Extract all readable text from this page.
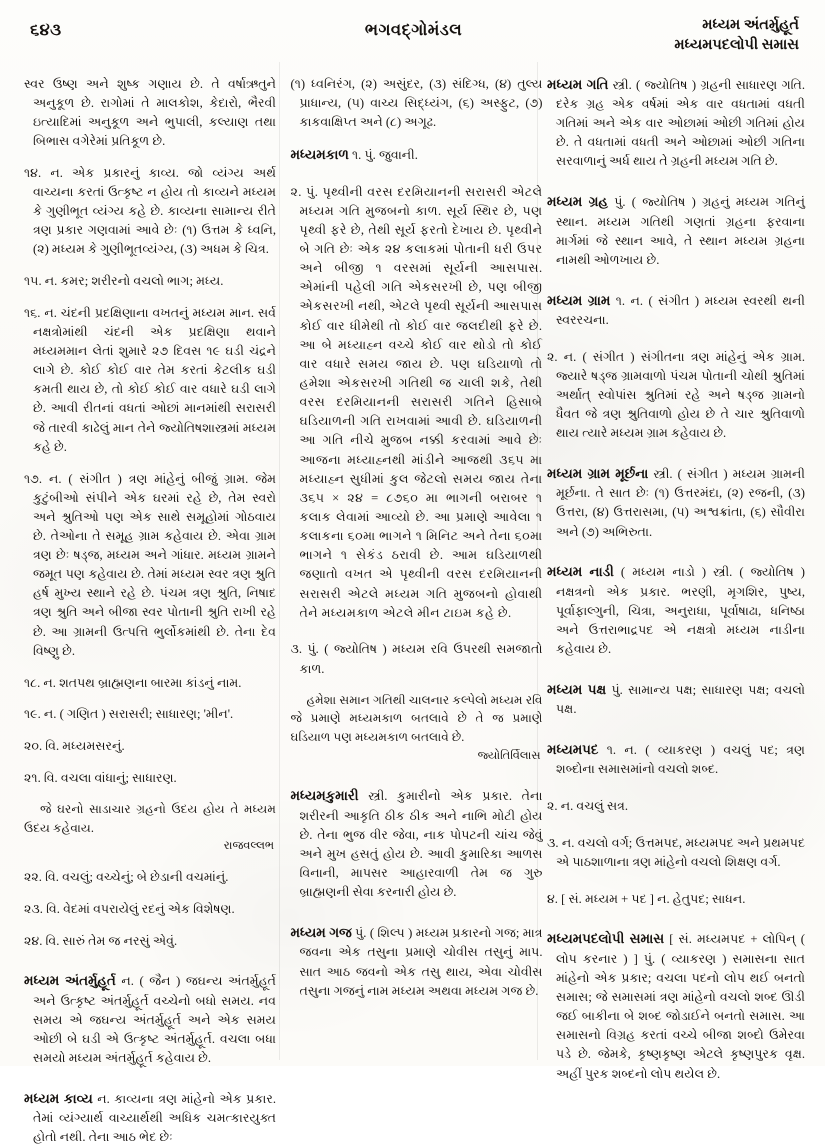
૬૪૩	ભગવદ્ગોમંડલ	મધ્યમ અંતર્મુહૂર્ત
મધ્યમપદલોપી સમાસ

સ્વર ઉષ્ણ અને શુષ્ક ગણાય છે. તે વર્ષાઋતુને અનુકૂળ છે. રાગોમાં તે માલકોશ, કેદારો, ભૈરવી ઇત્યાદિમાં અનુકૂળ અને ભુપાલી, કલ્યાણ તથા બિભાસ વગેરેમાં પ્રતિકૂળ છે.

૧૪. ન. એક પ્રકારનું કાવ્ય. જો વ્યંગ્ય અર્થ વાચ્યના કરતાં ઉત્કૃષ્ટ ન હોય તો કાવ્યને મધ્યમ કે ગુણીભૂત વ્યંગ્ય કહે છે. કાવ્યના સામાન્ય રીતે ત્રણ પ્રકાર ગણવામાં આવે છેઃ (૧) ઉત્તમ કે ધ્વનિ, (૨) મધ્યમ કે ગુણીભૂતવ્યંગ્ય, (૩) અધમ કે ચિત્ર.

૧૫. ન. કમર; શરીરનો વચલો ભાગ; મધ્ય.

૧૬. ન. ચંદની પ્રદક્ષિણાના વખતનું મધ્યમ માન. સર્વ નક્ષત્રોમાંથી ચંદની એક પ્રદક્ષિણા થવાને મધ્યમમાન લેતાં શુમારે ૨૭ દિવસ ૧૯ ઘડી ચંદ્રને લાગે છે. કોઈ કોઈ વાર તેમ કરતાં કેટલીક ઘડી કમતી થાય છે, તો કોઈ કોઈ વાર વધારે ઘડી લાગે છે. આવી રીતનાં વધતાં ઓછાં માનમાંથી સરાસરી જે તારવી કાઢેલું માન તેને જ્યોતિષશાસ્ત્રમાં મધ્યમ કહે છે.

૧૭. ન. ( સંગીત ) ત્રણ માંહેનું બીજું ગ્રામ. જેમ કુટુંબીઓ સંપીને એક ઘરમાં રહે છે, તેમ સ્વરો અને શ્રુતિઓ પણ એક સાથે સમૂહોમાં ગોઠવાય છે. તેઓના તે સમૂહ ગ્રામ કહેવાય છે. એવા ગ્રામ ત્રણ છેઃ ષડ્જ, મધ્યમ અને ગાંધાર. મધ્યમ ગ્રામને જમૂત પણ કહેવાય છે. તેમાં મધ્યમ સ્વર ત્રણ શ્રુતિ હર્ષ મુખ્ય સ્થાને રહે છે. પંચમ ત્રણ શ્રુતિ, નિષાદ ત્રણ શ્રુતિ અને બીજા સ્વર પોતાની શ્રુતિ રાખી રહે છે. આ ગ્રામની ઉત્પત્તિ ભુર્લોકમાંથી છે. તેના દેવ વિષ્ણુ છે.

૧૮. ન. શતપથ બ્રાહ્મણના બારમા કાંડનું નામ.

૧૯. ન. ( ગણિત ) સરાસરી; સાધારણ; 'મીન'.

૨૦. વિ. મધ્યમસરનું.

૨૧. વિ. વચલા વાંધાનું; સાધારણ.

જે ઘરનો સાડાચાર ગ્રહનો ઉદય હોય તે મધ્યમ ઉદય કહેવાય.

રાજવલ્લભ

૨૨. વિ. વચલું; વચ્ચેનું; બે છેડાની વચમાંનું.

૨૩. વિ. વેદમાં વપરાયેલું રદનું એક વિશેષણ.

૨૪. વિ. સારું તેમ જ નરસું એવું.

મધ્યમ અંતર્મુહૂર્ત ન. ( જૈન ) જઘન્ય અંતર્મુહૂર્ત અને ઉત્કૃષ્ટ અંતર્મુહૂર્ત વચ્ચેનો બધો સમય. નવ સમય એ જઘન્ય અંતર્મુહૂર્ત અને એક સમય ઓછી બે ઘડી એ ઉત્કૃષ્ટ અંતર્મુહૂર્ત. વચલા બધા સમયો મધ્યમ અંતર્મુહૂર્ત કહેવાય છે.

મધ્યમ કાવ્ય ન. કાવ્યના ત્રણ માંહેનો એક પ્રકાર. તેમાં વ્યંગ્યાર્થ વાચ્યાર્થથી અધિક ચમત્કારયુક્ત હોતો નથી. તેના આઠ ભેદ છેઃ

(૧) ધ્વનિરંગ, (૨) અસુંદર, (૩) સંદિગ્ધ, (૪) તુલ્ય પ્રાધાન્ય, (૫) વાચ્ય સિદ્ધ્યંગ, (૬) અસ્ફુટ, (૭) કાકવાક્ષિપ્ત અને (૮) અગૂઢ.

મધ્યમકાળ ૧. પું. જુવાની.

૨. પું. પૃથ્વીની વરસ દરમિયાનની સરાસરી એટલે મધ્યમ ગતિ મુજબનો કાળ. સૂર્ય સ્થિર છે, પણ પૃથ્વી ફરે છે, તેથી સૂર્ય ફરતો દેખાય છે. પૃથ્વીને બે ગતિ છેઃ એક ૨૪ કલાકમાં પોતાની ધરી ઉપર અને બીજી ૧ વરસમાં સૂર્યની આસપાસ. એમાંની પહેલી ગતિ એકસરખી છે, પણ બીજી એકસરખી નથી, એટલે પૃથ્વી સૂર્યની આસપાસ કોઈ વાર ધીમેથી તો કોઈ વાર જલદીથી ફરે છે. આ બે મધ્યાહ્ન વચ્ચે કોઈ વાર થોડો તો કોઈ વાર વધારે સમય જાય છે. પણ ઘડિયાળો તો હમેશા એકસરખી ગતિથી જ ચાલી શકે, તેથી વરસ દરમિયાનની સરાસરી ગતિને હિસાબે ઘડિયાળની ગતિ રાખવામાં આવી છે. ઘડિયાળની આ ગતિ નીચે મુજબ નક્કી કરવામાં આવે છેઃ આજના મધ્યાહ્નથી માંડીને આજથી ૩૬૫ મા મધ્યાહ્ન સુધીમાં કુલ જેટલો સમય જાય તેના ૩૬૫ × ૨૪ = ૮૭૬૦ મા ભાગની બરાબર ૧ કલાક લેવામાં આવ્યો છે. આ પ્રમાણે આવેલા ૧ કલાકના ૬૦મા ભાગને ૧ મિનિટ અને તેના ૬૦મા ભાગને ૧ સેકંડ ઠરાવી છે. આમ ઘડિયાળથી જણાતો વખત એ પૃથ્વીની વરસ દરમિયાનની સરાસરી એટલે મધ્યમ ગતિ મુજબનો હોવાથી તેને મધ્યમકાળ એટલે મીન ટાઇમ કહે છે.

૩. પું. ( જ્યોતિષ ) મધ્યમ રવિ ઉપરથી સમજાતો કાળ.

હમેશા સમાન ગતિથી ચાલનાર કલ્પેલો મધ્યમ રવિ જે પ્રમાણે મધ્યમકાળ બતલાવે છે તે જ પ્રમાણે ઘડિયાળ પણ મધ્યમકાળ બતલાવે છે.

જ્યોતિર્વિલાસ

મધ્યમકુમારી સ્ત્રી. કુમારીનો એક પ્રકાર. તેના શરીરની આકૃતિ ઠીક ઠીક અને નાભિ મોટી હોય છે. તેના ભુજ વીર જેવા, નાક પોપટની ચાંચ જેવું અને મુખ હસતું હોય છે. આવી કુમારિકા આળસ વિનાની, માપસર આહારવાળી તેમ જ ગુરુ બ્રાહ્મણની સેવા કરનારી હોય છે.

મધ્યમ ગજ પું. ( શિલ્પ ) મધ્યમ પ્રકારનો ગજ; માત્ર જવના એક તસુના પ્રમાણે ચોવીસ તસુનું માપ. સાત આઠ જવનો એક તસુ થાય, એવા ચોવીસ તસુના ગજનું નામ મધ્યમ અથવા મધ્યમ ગજ છે.

મધ્યમ ગતિ સ્ત્રી. ( જ્યોતિષ ) ગ્રહની સાધારણ ગતિ. દરેક ગ્રહ એક વર્ષમાં એક વાર વધતામાં વધતી ગતિમાં અને એક વાર ઓછામાં ઓછી ગતિમાં હોય છે. તે વધતામાં વધતી અને ઓછામાં ઓછી ગતિના સરવાળાનું અર્ધ થાય તે ગ્રહની મધ્યમ ગતિ છે.

મધ્યમ ગ્રહ પું. ( જ્યોતિષ ) ગ્રહનું મધ્યમ ગતિનું સ્થાન. મધ્યમ ગતિથી ગણતાં ગ્રહના ફરવાના માર્ગમાં જે સ્થાન આવે, તે સ્થાન મધ્યમ ગ્રહના નામથી ઓળખાય છે.

મધ્યમ ગ્રામ ૧. ન. ( સંગીત ) મધ્યમ સ્વરથી થની સ્વરરચના.

૨. ન. ( સંગીત ) સંગીતના ત્રણ માંહેનું એક ગ્રામ. જ્યારે ષડ્જ ગ્રામવાળો પંચમ પોતાની ચોથી શ્રુતિમાં અર્થાત્ સ્વોપાંસ શ્રુતિમાં રહે અને ષડ્જ ગ્રામનો ધૈવત જે ત્રણ શ્રુતિવાળો હોય છે તે ચાર શ્રુતિવાળો થાય ત્યારે મધ્યમ ગ્રામ કહેવાય છે.

મધ્યમ ગ્રામ મૂર્છના સ્ત્રી. ( સંગીત ) મધ્યમ ગ્રામની મૂર્છના. તે સાત છેઃ (૧) ઉત્તરમંદા, (૨) રજની, (૩) ઉત્તરા, (૪) ઉત્તરાસમા, (૫) અશ્વક્રાંતા, (૬) સૌવીરા અને (૭) અભિરુતા.

મધ્યમ નાડી ( મધ્યમ નાડો ) સ્ત્રી. ( જ્યોતિષ ) નક્ષત્રનો એક પ્રકાર. ભરણી, મૃગશિર, પુષ્ય, પૂર્વાફાલ્ગુની, ચિત્રા, અનુરાધા, પૂર્વાષાઢા, ધનિષ્ઠા અને ઉત્તરાભાદ્રપદ એ નક્ષત્રો મધ્યમ નાડીના કહેવાય છે.

મધ્યમ પક્ષ પું. સામાન્ય પક્ષ; સાધારણ પક્ષ; વચલો પક્ષ.

મધ્યમપદ ૧. ન. ( વ્યાકરણ ) વચલું પદ; ત્રણ શબ્દોના સમાસમાંનો વચલો શબ્દ.

૨. ન. વચલું સત્ર.

૩. ન. વચલો વર્ગ; ઉત્તમપદ, મધ્યમપદ અને પ્રથમપદ એ પાઠશાળાના ત્રણ માંહેનો વચલો શિક્ષણ વર્ગ.

૪. [ સં. મધ્યમ + પદ ] ન. હેતુપદ; સાધન.

મધ્યમપદલોપી સમાસ [ સં. મધ્યમપદ + લોપિન્ ( લોપ કરનાર ) ] પું. ( વ્યાકરણ ) સમાસના સાત માંહેનો એક પ્રકાર; વચલા પદનો લોપ થઈ બનતો સમાસ; જે સમાસમાં ત્રણ માંહેનો વચલો શબ્દ ઊડી જઈ બાકીના બે શબ્દ જોડાઈને બનતો સમાસ. આ સમાસનો વિગ્રહ કરતાં વચ્ચે બીજા શબ્દો ઉમેરવા પડે છે. જેમકે, કૃષ્ણકૃષ્ણ એટલે કૃષ્ણપુરક વૃક્ષ. અહીં પુરક શબ્દનો લોપ થયેલ છે.
